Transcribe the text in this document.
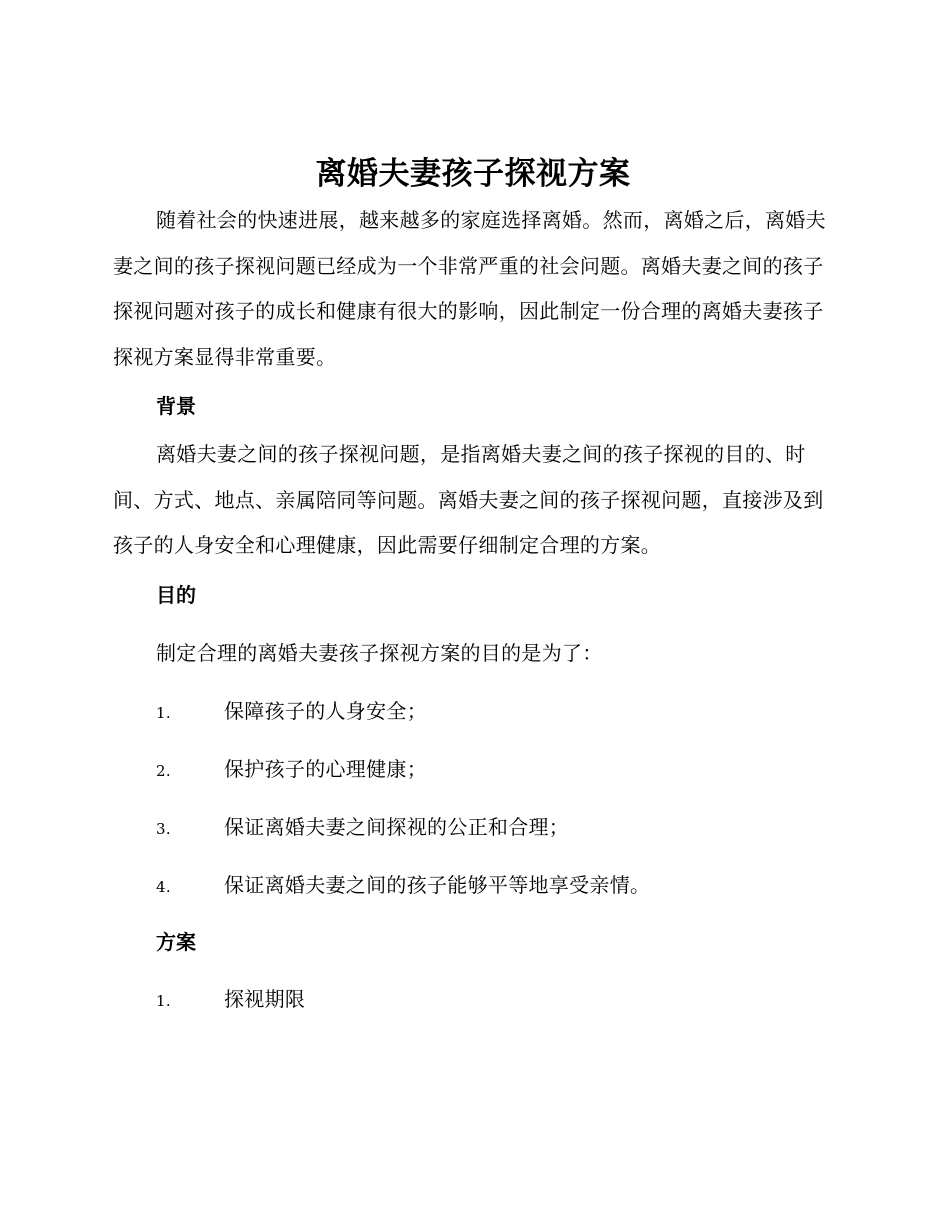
离婚夫妻孩子探视方案

随着社会的快速进展，越来越多的家庭选择离婚。然而，离婚之后，离婚夫妻之间的孩子探视问题已经成为一个非常严重的社会问题。离婚夫妻之间的孩子探视问题对孩子的成长和健康有很大的影响，因此制定一份合理的离婚夫妻孩子探视方案显得非常重要。

背景

离婚夫妻之间的孩子探视问题，是指离婚夫妻之间的孩子探视的目的、时间、方式、地点、亲属陪同等问题。离婚夫妻之间的孩子探视问题，直接涉及到孩子的人身安全和心理健康，因此需要仔细制定合理的方案。

目的

制定合理的离婚夫妻孩子探视方案的目的是为了：

1.	保障孩子的人身安全；
2.	保护孩子的心理健康；
3.	保证离婚夫妻之间探视的公正和合理；
4.	保证离婚夫妻之间的孩子能够平等地享受亲情。
方案
1.	探视期限
